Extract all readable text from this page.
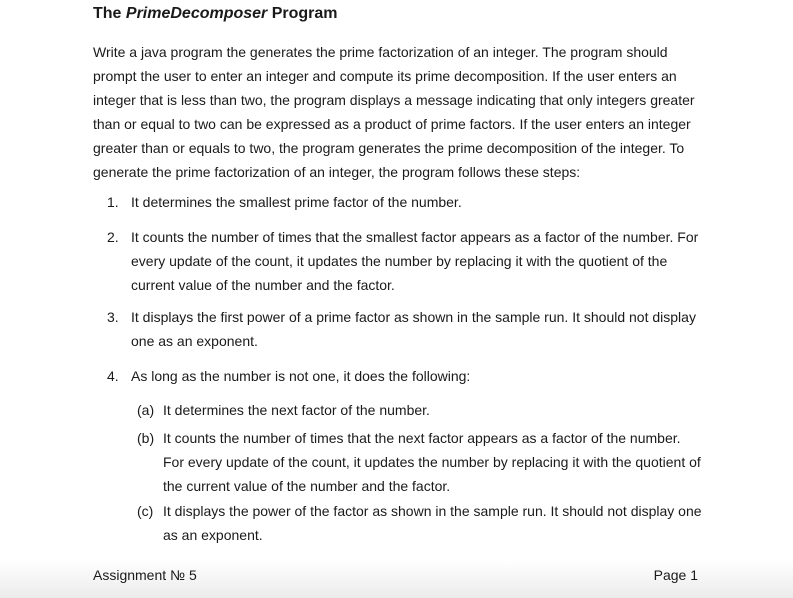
The PrimeDecomposer Program

Write a java program the generates the prime factorization of an integer. The program should prompt the user to enter an integer and compute its prime decomposition. If the user enters an integer that is less than two, the program displays a message indicating that only integers greater than or equal to two can be expressed as a product of prime factors. If the user enters an integer greater than or equals to two, the program generates the prime decomposition of the integer. To generate the prime factorization of an integer, the program follows these steps:

1. It determines the smallest prime factor of the number.
2. It counts the number of times that the smallest factor appears as a factor of the number. For every update of the count, it updates the number by replacing it with the quotient of the current value of the number and the factor.
3. It displays the first power of a prime factor as shown in the sample run. It should not display one as an exponent.
4. As long as the number is not one, it does the following:
(a) It determines the next factor of the number.
(b) It counts the number of times that the next factor appears as a factor of the number. For every update of the count, it updates the number by replacing it with the quotient of the current value of the number and the factor.
(c) It displays the power of the factor as shown in the sample run. It should not display one as an exponent.
Assignment № 5	Page 1
